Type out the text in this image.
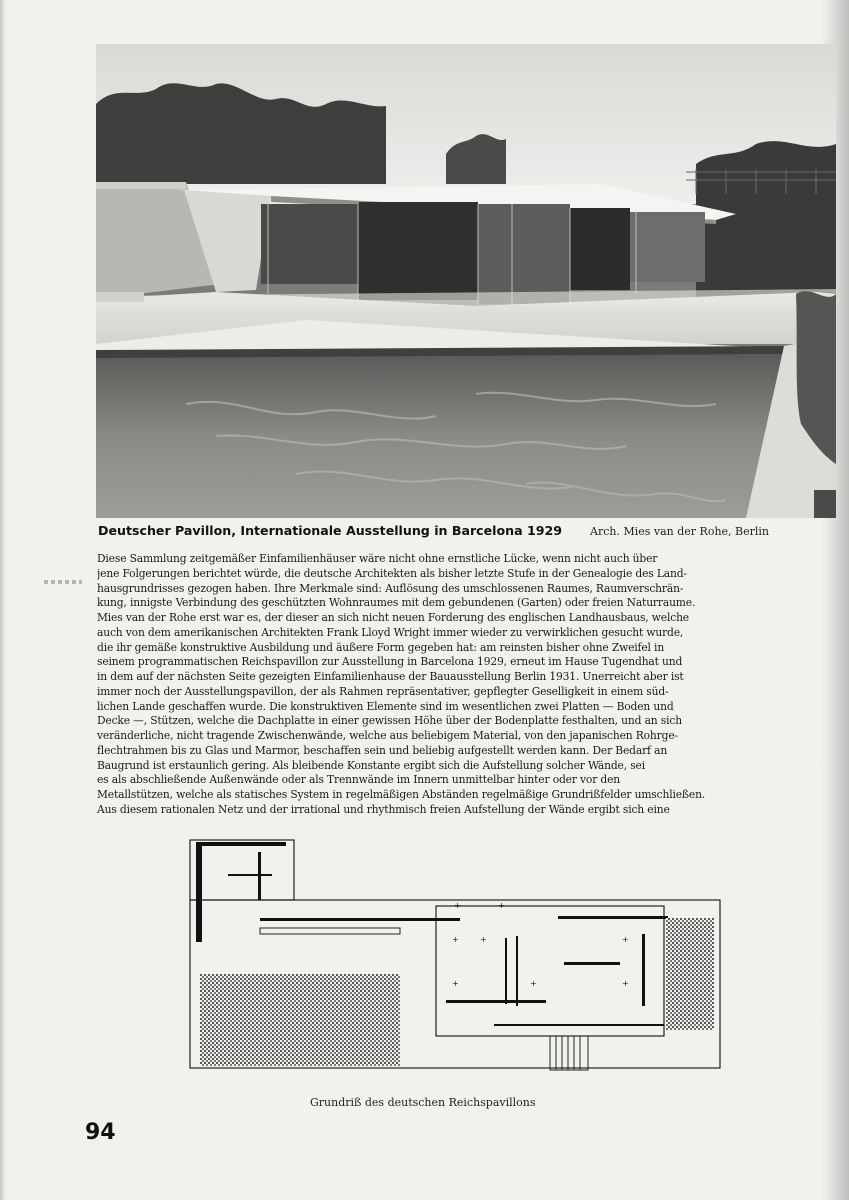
Deutscher Pavillon, Internationale Ausstellung in Barcelona 1929	Arch. Mies van der Rohe, Berlin
Diese Sammlung zeitgemäßer Einfamilienhäuser wäre nicht ohne ernstliche Lücke, wenn nicht auch über
jene Folgerungen berichtet würde, die deutsche Architekten als bisher letzte Stufe in der Genealogie des Land-
hausgrundrisses gezogen haben. Ihre Merkmale sind: Auflösung des umschlossenen Raumes, Raumverschrän-
kung, innigste Verbindung des geschützten Wohnraumes mit dem gebundenen (Garten) oder freien Naturraume.
Mies van der Rohe erst war es, der dieser an sich nicht neuen Forderung des englischen Landhausbaus, welche
auch von dem amerikanischen Architekten Frank Lloyd Wright immer wieder zu verwirklichen gesucht wurde,
die ihr gemäße konstruktive Ausbildung und äußere Form gegeben hat: am reinsten bisher ohne Zweifel in
seinem programmatischen Reichspavillon zur Ausstellung in Barcelona 1929, erneut im Hause Tugendhat und
in dem auf der nächsten Seite gezeigten Einfamilienhause der Bauausstellung Berlin 1931. Unerreicht aber ist
immer noch der Ausstellungspavillon, der als Rahmen repräsentativer, gepflegter Geselligkeit in einem süd-
lichen Lande geschaffen wurde. Die konstruktiven Elemente sind im wesentlichen zwei Platten — Boden und
Decke —, Stützen, welche die Dachplatte in einer gewissen Höhe über der Bodenplatte festhalten, und an sich
veränderliche, nicht tragende Zwischenwände, welche aus beliebigem Material, von den japanischen Rohrge-
flechtrahmen bis zu Glas und Marmor, beschaffen sein und beliebig aufgestellt werden kann. Der Bedarf an
Baugrund ist erstaunlich gering. Als bleibende Konstante ergibt sich die Aufstellung solcher Wände, sei
es als abschließende Außenwände oder als Trennwände im Innern unmittelbar hinter oder vor den
Metallstützen, welche als statisches System in regelmäßigen Abständen regelmäßige Grundrißfelder umschließen.
Aus diesem rationalen Netz und der irrational und rhythmisch freien Aufstellung der Wände ergibt sich eine
+	+
+
+
+
+
+	+
Grundriß des deutschen Reichspavillons
94
